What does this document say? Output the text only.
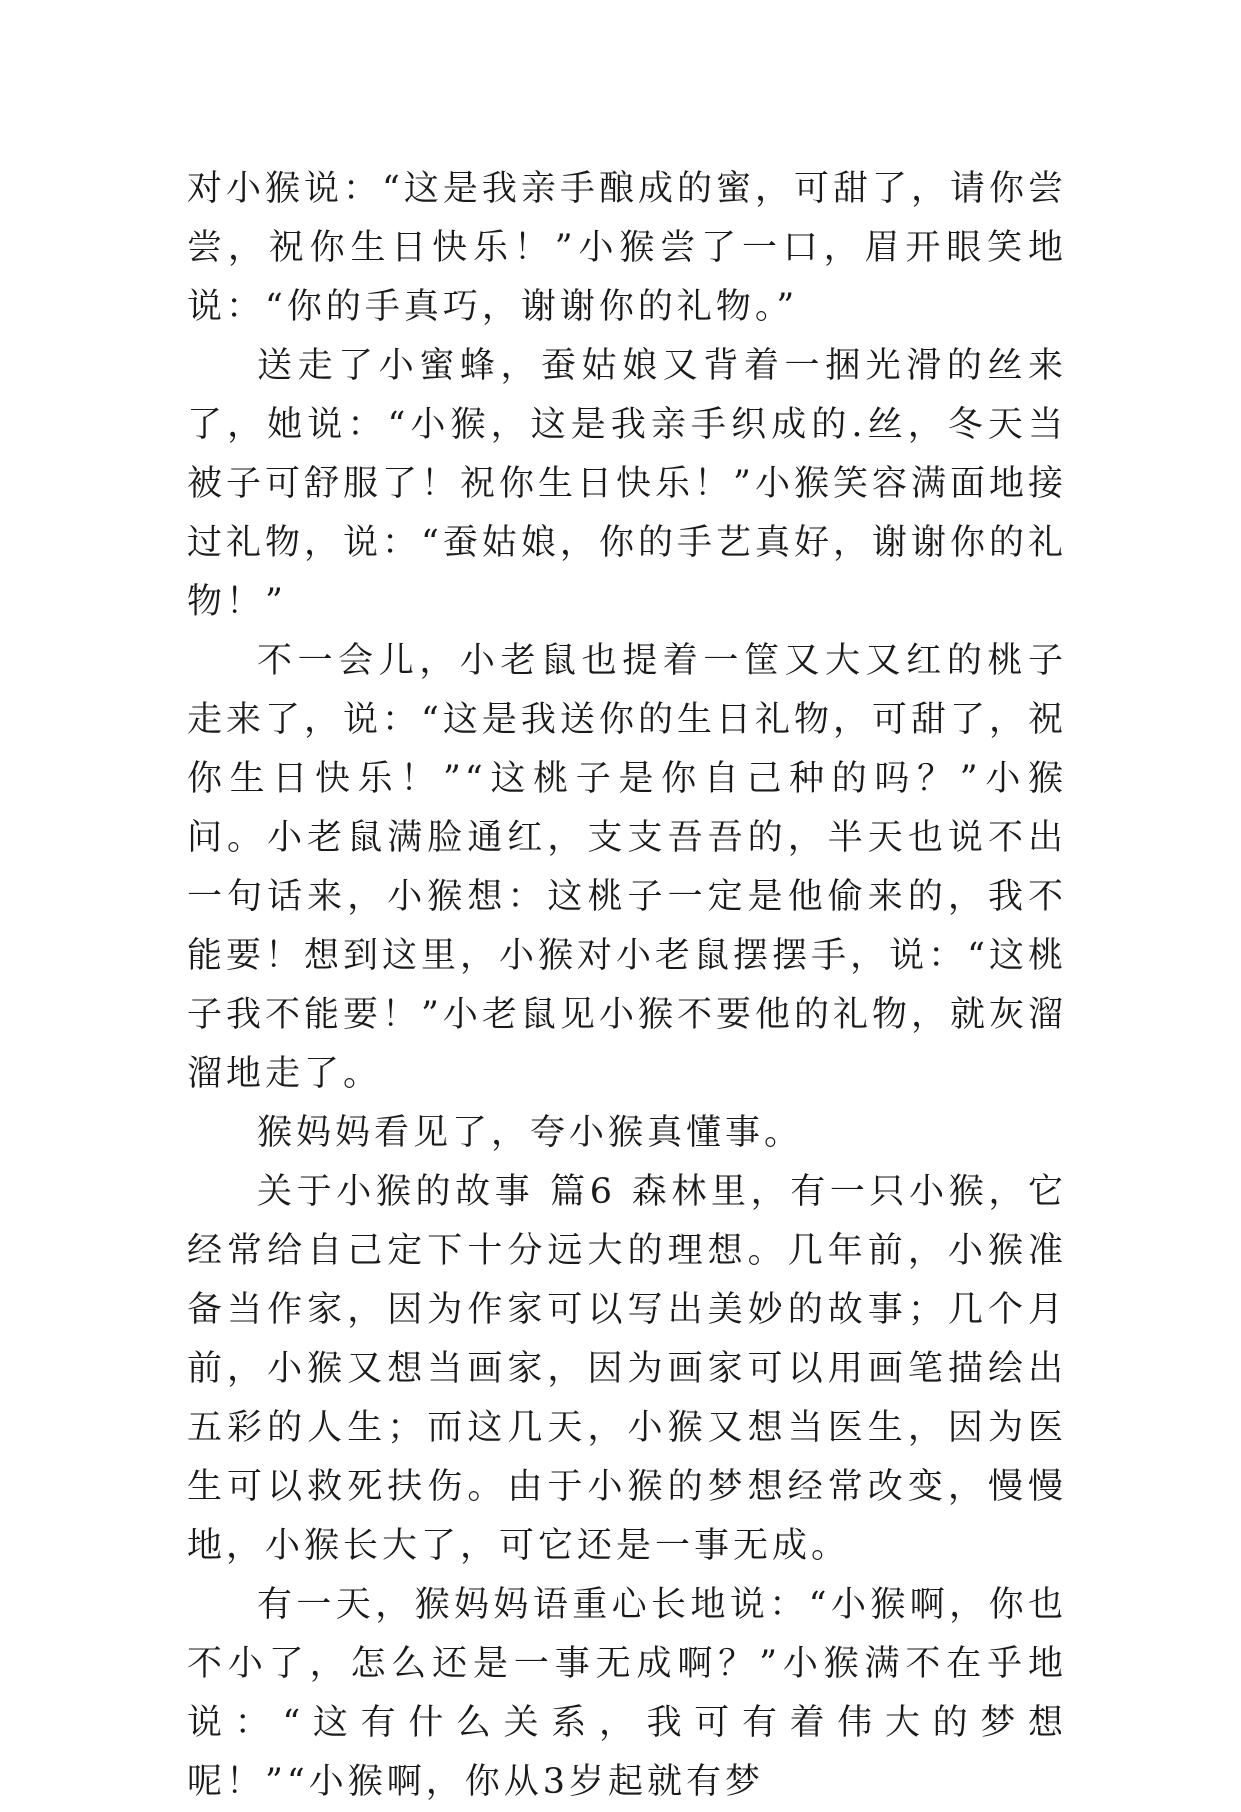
对小猴说：“这是我亲手酿成的蜜，可甜了，请你尝尝，祝你生日快乐！”小猴尝了一口，眉开眼笑地说：“你的手真巧，谢谢你的礼物。”

送走了小蜜蜂，蚕姑娘又背着一捆光滑的丝来了，她说：“小猴，这是我亲手织成的.丝，冬天当被子可舒服了！祝你生日快乐！”小猴笑容满面地接过礼物，说：“蚕姑娘，你的手艺真好，谢谢你的礼物！”

不一会儿，小老鼠也提着一筐又大又红的桃子走来了，说：“这是我送你的生日礼物，可甜了，祝你生日快乐！”“这桃子是你自己种的吗？”小猴问。小老鼠满脸通红，支支吾吾的，半天也说不出一句话来，小猴想：这桃子一定是他偷来的，我不能要！想到这里，小猴对小老鼠摆摆手，说：“这桃子我不能要！”小老鼠见小猴不要他的礼物，就灰溜溜地走了。

猴妈妈看见了，夸小猴真懂事。

关于小猴的故事 篇6 森林里，有一只小猴，它经常给自己定下十分远大的理想。几年前，小猴准备当作家，因为作家可以写出美妙的故事；几个月前，小猴又想当画家，因为画家可以用画笔描绘出五彩的人生；而这几天，小猴又想当医生，因为医生可以救死扶伤。由于小猴的梦想经常改变，慢慢地，小猴长大了，可它还是一事无成。

有一天，猴妈妈语重心长地说：“小猴啊，你也不小了，怎么还是一事无成啊？”小猴满不在乎地说：“这有什么关系，我可有着伟大的梦想呢！”“小猴啊，你从3岁起就有梦
